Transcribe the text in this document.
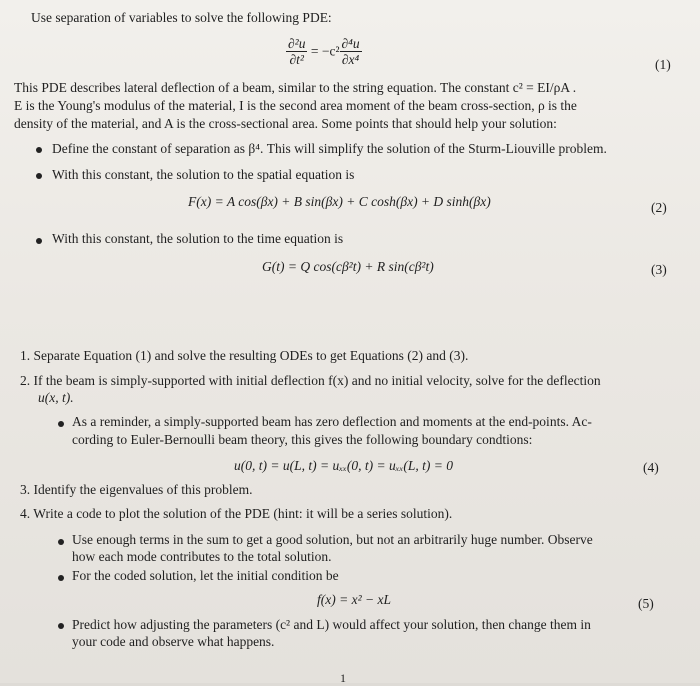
Use separation of variables to solve the following PDE:
$\frac{\text{∂²u}}{\text{∂t²}} = -c^2 \frac{\text{∂⁴u}}{\text{∂x⁴}}$	(1)
This PDE describes lateral deflection of a beam, similar to the string equation. The constant c² = EI/ρA .
E is the Young's modulus of the material, I is the second area moment of the beam cross-section, ρ is the
density of the material, and A is the cross-sectional area. Some points that should help your solution:
Define the constant of separation as β⁴. This will simplify the solution of the Sturm-Liouville problem.
With this constant, the solution to the spatial equation is
F(x) = A cos(βx) + B sin(βx) + C cosh(βx) + D sinh(βx)	(2)
With this constant, the solution to the time equation is
G(t) = Q cos(cβ²t) + R sin(cβ²t)	(3)
1. Separate Equation (1) and solve the resulting ODEs to get Equations (2) and (3).
2. If the beam is simply-supported with initial deflection f(x) and no initial velocity, solve for the deflection
u(x, t).
As a reminder, a simply-supported beam has zero deflection and moments at the end-points. Ac-
cording to Euler-Bernoulli beam theory, this gives the following boundary condtions:
u(0, t) = u(L, t) = uₓₓ(0, t) = uₓₓ(L, t) = 0	(4)
3. Identify the eigenvalues of this problem.
4. Write a code to plot the solution of the PDE (hint: it will be a series solution).
Use enough terms in the sum to get a good solution, but not an arbitrarily huge number. Observe
how each mode contributes to the total solution.
For the coded solution, let the initial condition be
f(x) = x² − xL	(5)
Predict how adjusting the parameters (c² and L) would affect your solution, then change them in
your code and observe what happens.
1
